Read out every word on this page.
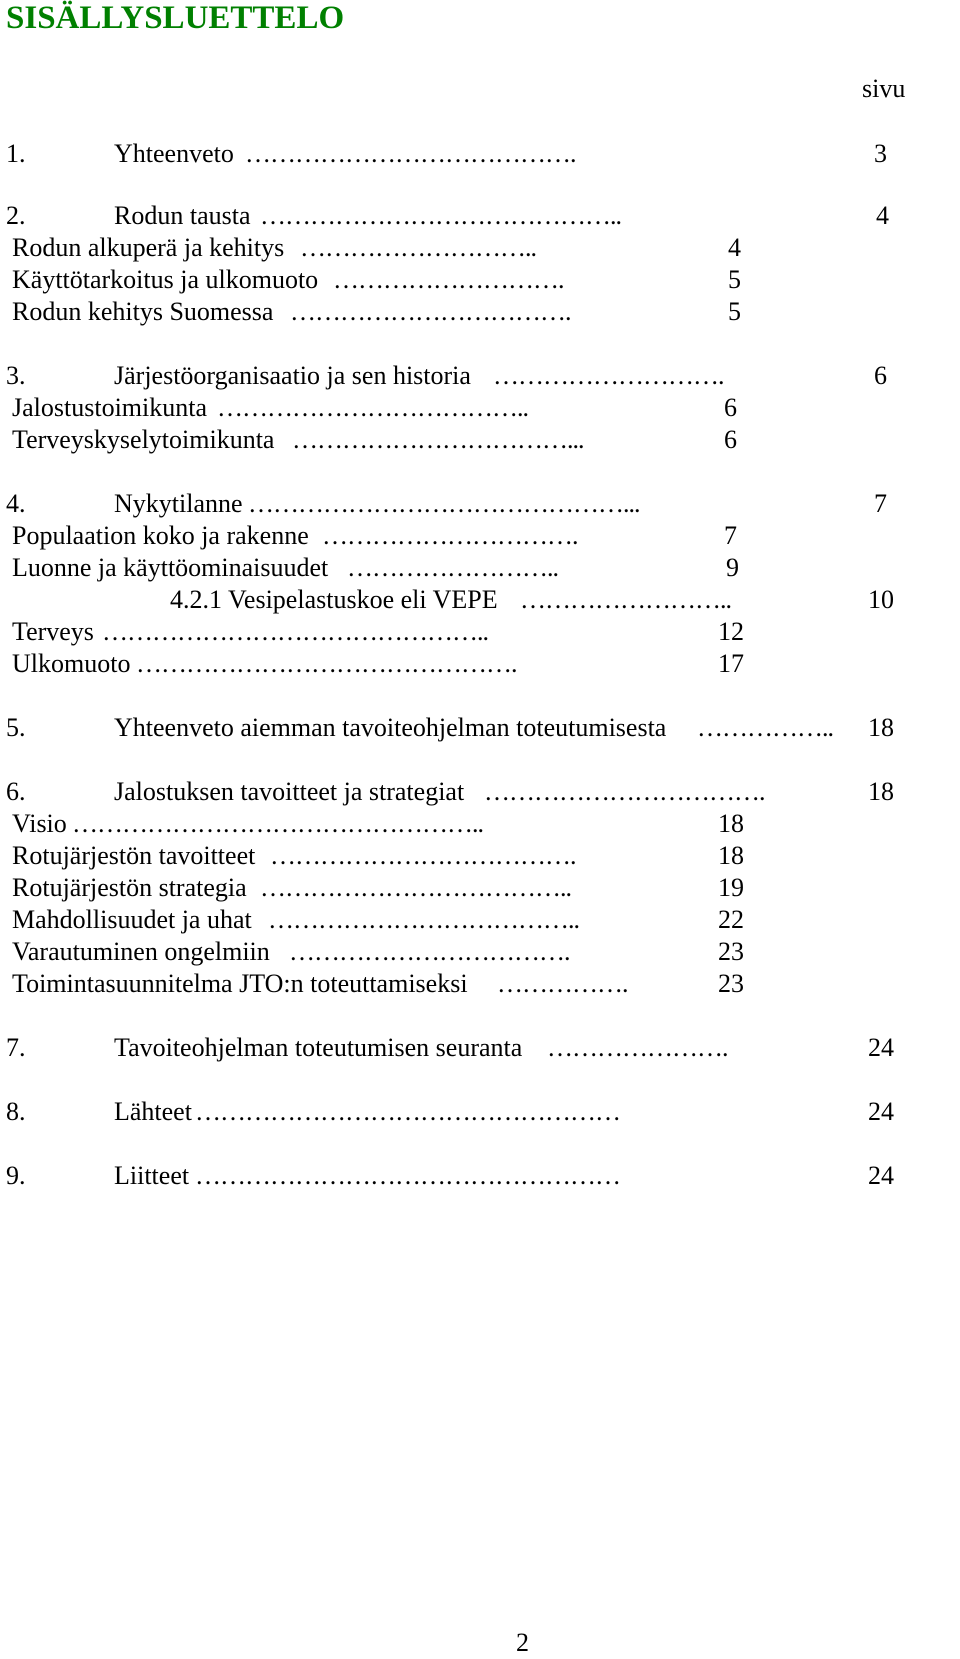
SISÄLLYSLUETTELO
sivu
1.	Yhteenveto ………………………………….	3
2.	Rodun tausta ……………………………………..	4
Rodun alkuperä ja kehitys ………………………..	4
Käyttötarkoitus ja ulkomuoto ……………………….	5
Rodun kehitys Suomessa …………………………….	5
3.	Järjestöorganisaatio ja sen historia ……………………….	6
Jalostustoimikunta ………………………………..	6
Terveyskyselytoimikunta ……………………………...	6
4.	Nykytilanne ………………………………………...	7
Populaation koko ja rakenne ………………………….	7
Luonne ja käyttöominaisuudet ……………………..	9
4.2.1 Vesipelastuskoe eli VEPE ……………………..	10
Terveys ………………………………………..	12
Ulkomuoto ……………………………………….	17
5.	Yhteenveto aiemman tavoiteohjelman toteutumisesta ……………..	18
6.	Jalostuksen tavoitteet ja strategiat …………………………….	18
Visio …………………………………………..	18
Rotujärjestön tavoitteet ……………………………….	18
Rotujärjestön strategia ………………………………..	19
Mahdollisuudet ja uhat ………………………………..	22
Varautuminen ongelmiin …………………………….	23
Toimintasuunnitelma JTO:n toteuttamiseksi …………….	23
7.	Tavoiteohjelman toteutumisen seuranta ………………….	24
8.	Lähteet ……………………………………………	24
9.	Liitteet ……………………………………………	24
2
